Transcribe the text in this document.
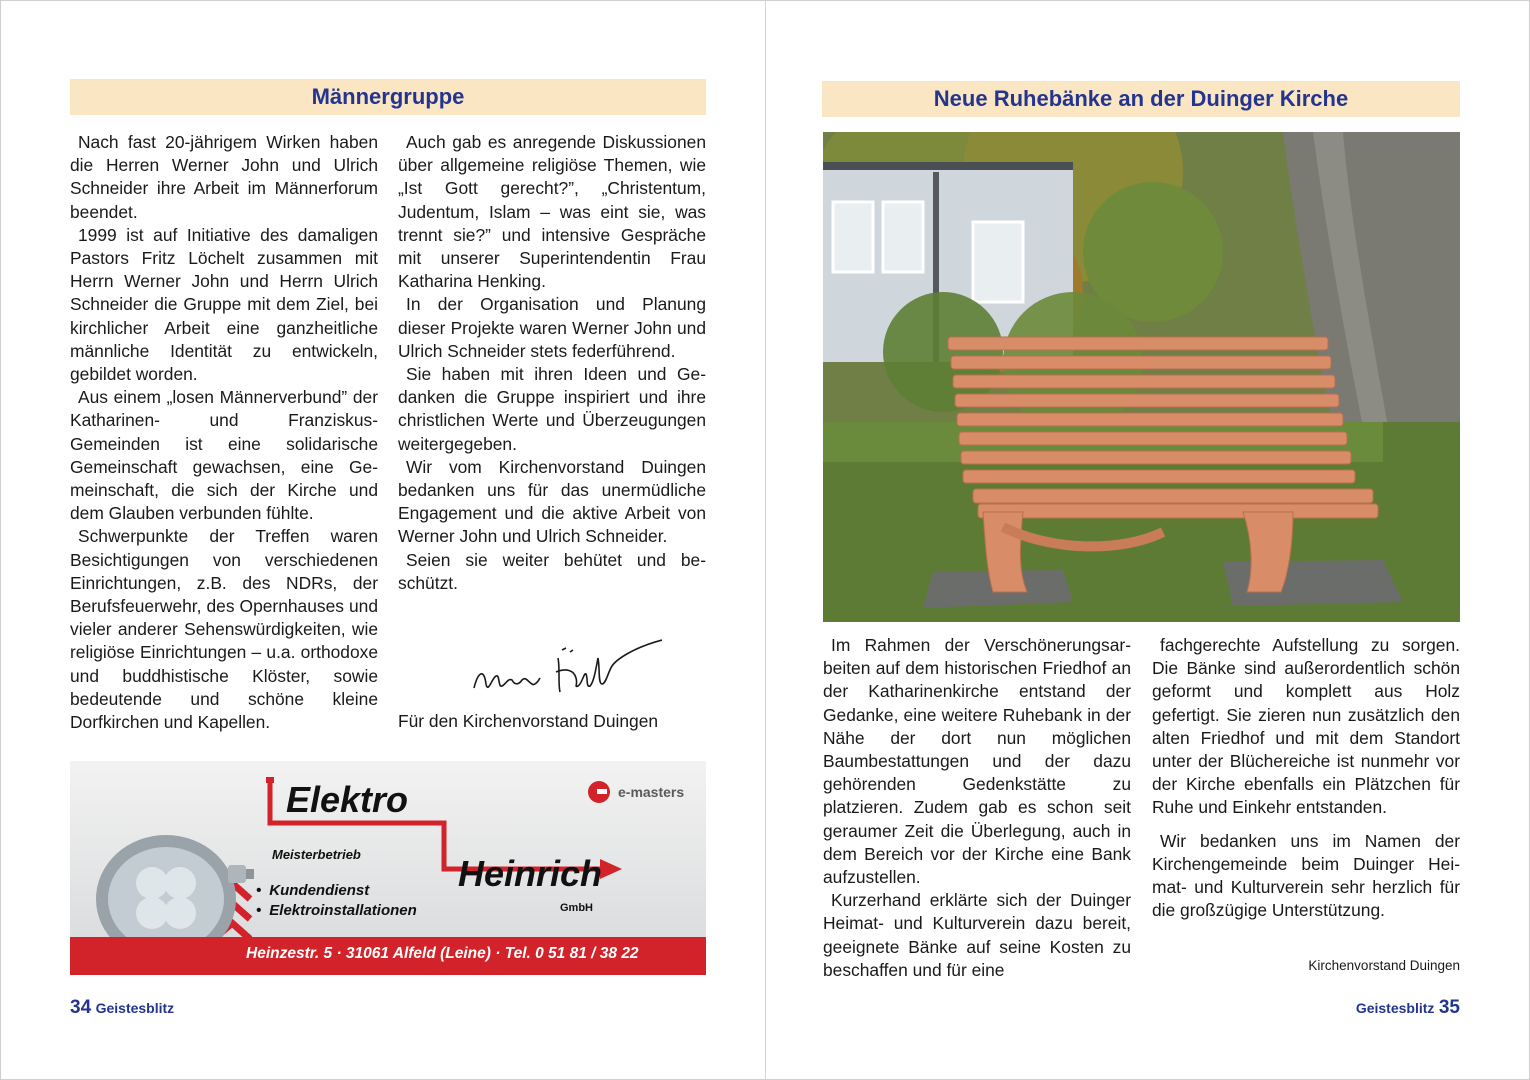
Männergruppe

Nach fast 20-jährigem Wirken haben die Herren Werner John und Ulrich Schneider ihre Arbeit im Männerforum beendet.

1999 ist auf Initiative des damaligen Pastors Fritz Löchelt zusammen mit Herrn Werner John und Herrn Ulrich Schneider die Gruppe mit dem Ziel, bei kirchlicher Arbeit eine ganzheitliche männliche Identität zu entwickeln, gebildet worden.

Aus einem „losen Männerverbund” der Katharinen- und Franziskus-Gemeinden ist eine solidarische Gemeinschaft gewachsen, eine Gemeinschaft, die sich der Kirche und dem Glauben verbunden fühlte.

Schwerpunkte der Treffen waren Besichtigungen von verschiedenen Einrichtungen, z.B. des NDRs, der Berufsfeuerwehr, des Opernhauses und vieler anderer Sehenswürdigkeiten, wie religiöse Einrichtungen – u.a. orthodoxe und buddhistische Klöster, sowie bedeutende und schöne kleine Dorfkirchen und Kapellen.

Auch gab es anregende Diskussionen über allgemeine religiöse Themen, wie „Ist Gott gerecht?”, „Christentum, Judentum, Islam – was eint sie, was trennt sie?” und intensive Gespräche mit unserer Superintendentin Frau Katharina Henking.

In der Organisation und Planung dieser Projekte waren Werner John und Ulrich Schneider stets federführend.

Sie haben mit ihren Ideen und Gedanken die Gruppe inspiriert und ihre christlichen Werte und Überzeugungen weitergegeben.

Wir vom Kirchenvorstand Duingen bedanken uns für das unermüdliche Engagement und die aktive Arbeit von Werner John und Ulrich Schneider.

Seien sie weiter behütet und beschützt.

Für den Kirchenvorstand Duingen
e-masters
Elektro
Meisterbetrieb	Heinrich
• Kundendienst
• Elektroinstallationen	GmbH
Heinzestr. 5 · 31061 Alfeld (Leine) · Tel. 0 51 81 / 38 22
34 Geistesblitz
Neue Ruhebänke an der Duinger Kirche

Im Rahmen der Verschönerungsarbeiten auf dem historischen Friedhof an der Katharinenkirche entstand der Gedanke, eine weitere Ruhebank in der Nähe der dort nun möglichen Baumbestattungen und der dazu gehörenden Gedenkstätte zu platzieren. Zudem gab es schon seit geraumer Zeit die Überlegung, auch in dem Bereich vor der Kirche eine Bank aufzustellen.

Kurzerhand erklärte sich der Duinger Heimat- und Kulturverein dazu bereit, geeignete Bänke auf seine Kosten zu beschaffen und für eine

fachgerechte Aufstellung zu sorgen. Die Bänke sind außerordentlich schön geformt und komplett aus Holz gefertigt. Sie zieren nun zusätzlich den alten Friedhof und mit dem Standort unter der Blüchereiche ist nunmehr vor der Kirche ebenfalls ein Plätzchen für Ruhe und Einkehr entstanden.

Wir bedanken uns im Namen der Kirchengemeinde beim Duinger Heimat- und Kulturverein sehr herzlich für die großzügige Unterstützung.

Kirchenvorstand Duingen
Geistesblitz 35
